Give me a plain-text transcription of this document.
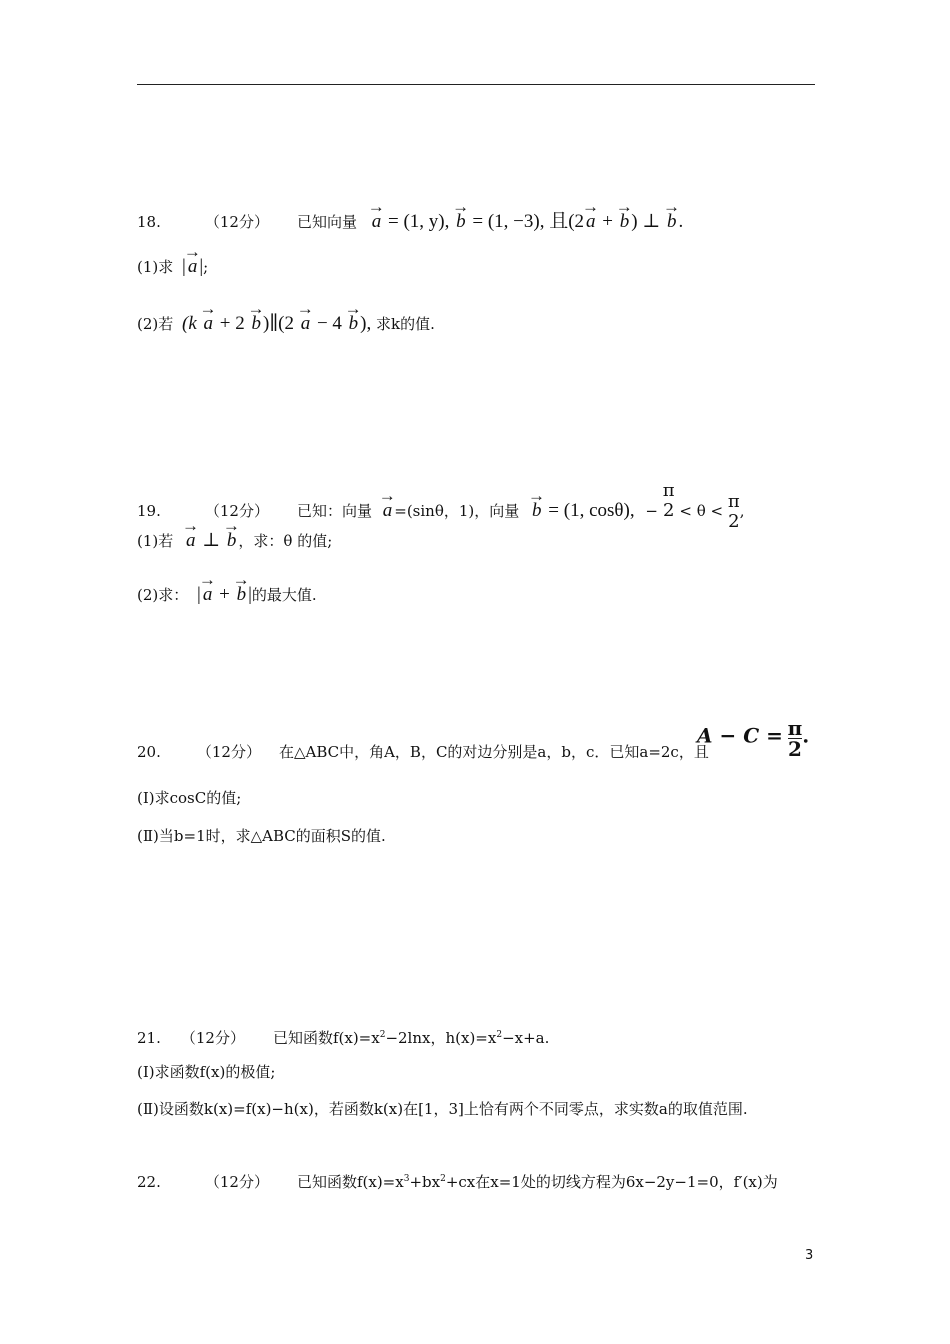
18.	（12分） 已知向量 → a = (1, y), → b = (1, −3), 且(2 → a + → b ) ⊥ → b .
(1)求 | → a |;
(2)若 (k → a + 2 → b )∥(2 → a − 4 → b ), 求k的值.
19.	（12分） 已知：向量 → a =(sinθ，1)，向量 → b = (1, cosθ), −
π
2 < θ < π
2 ,
(1)若 → a ⊥ → b ，求：θ 的值;
(2)求： | → a + → b |的最大值.
20. （12分） 在△ABC中，角A，B，C的对边分别是a，b，c．已知a=2c，且
$A - C = \frac{\pi}{2}$ .
(Ⅰ)求cosC的值;
(Ⅱ)当b=1时，求△ABC的面积S的值.
21. （12分） 已知函数$f(x)=x^2-2\ln x$，$h(x)=x^2-x+a$.
(Ⅰ)求函数f(x)的极值;
(Ⅱ)设函数k(x)=f(x)−h(x)，若函数k(x)在[1，3]上恰有两个不同零点，求实数a的取值范围.
22.	（12分） 已知函数$f(x)=x^3+bx^2+cx$在x=1处的切线方程为6x−2y−1=0，f′(x)为
3
